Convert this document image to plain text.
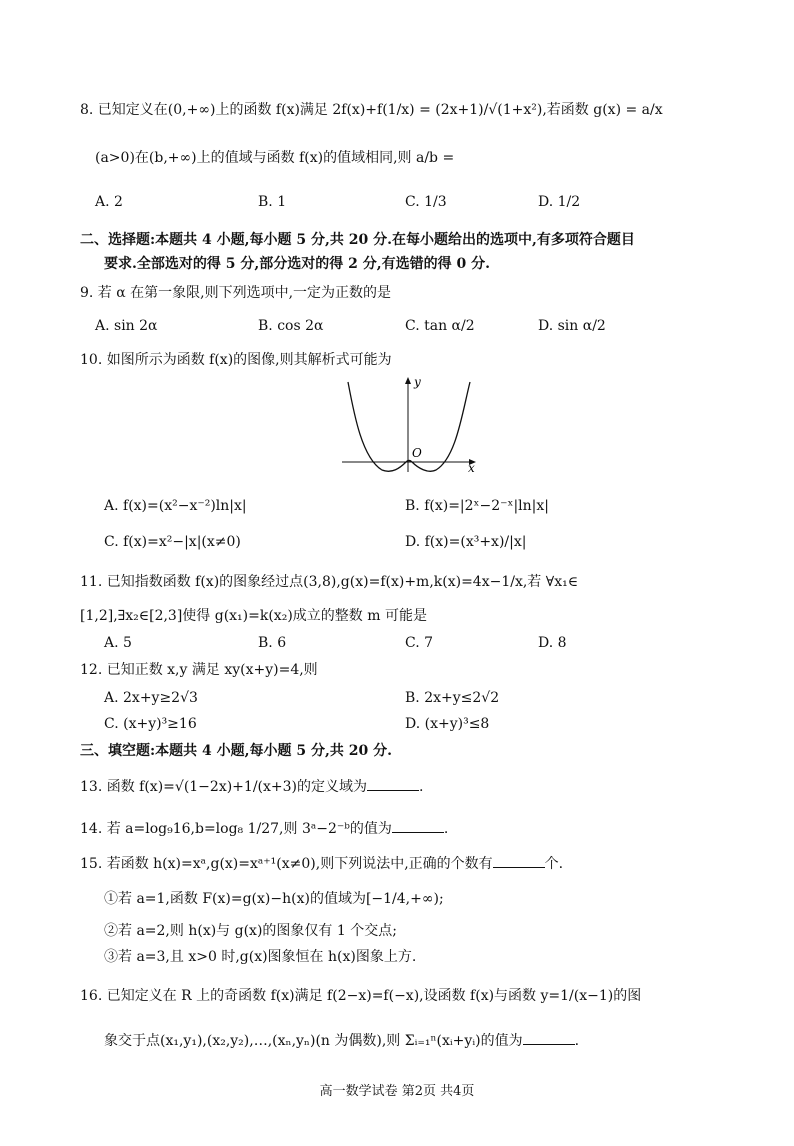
8. 已知定义在(0,+∞)上的函数 f(x)满足 2f(x)+f(1/x) = (2x+1)/√(1+x²),若函数 g(x) = a/x
(a>0)在(b,+∞)上的值域与函数 f(x)的值域相同,则 a/b =
A. 2	B. 1	C. 1/3	D. 1/2
二、选择题:本题共 4 小题,每小题 5 分,共 20 分.在每小题给出的选项中,有多项符合题目
要求.全部选对的得 5 分,部分选对的得 2 分,有选错的得 0 分.
9. 若 α 在第一象限,则下列选项中,一定为正数的是
A. sin 2α	B. cos 2α	C. tan α/2	D. sin α/2
10. 如图所示为函数 f(x)的图像,则其解析式可能为
y
x
O
A. f(x)=(x²−x⁻²)ln|x|	B. f(x)=|2ˣ−2⁻ˣ|ln|x|
C. f(x)=x²−|x|(x≠0)	D. f(x)=(x³+x)/|x|
11. 已知指数函数 f(x)的图象经过点(3,8),g(x)=f(x)+m,k(x)=4x−1/x,若 ∀x₁∈
[1,2],∃x₂∈[2,3]使得 g(x₁)=k(x₂)成立的整数 m 可能是
A. 5	B. 6	C. 7	D. 8
12. 已知正数 x,y 满足 xy(x+y)=4,则
A. 2x+y≥2√3	B. 2x+y≤2√2
C. (x+y)³≥16	D. (x+y)³≤8
三、填空题:本题共 4 小题,每小题 5 分,共 20 分.
13. 函数 f(x)=√(1−2x)+1/(x+3)的定义域为	.
14. 若 a=log₉16,b=log₈ 1/27,则 3ᵃ−2⁻ᵇ的值为	.
15. 若函数 h(x)=xᵃ,g(x)=xᵃ⁺¹(x≠0),则下列说法中,正确的个数有	个.
①若 a=1,函数 F(x)=g(x)−h(x)的值域为[−1/4,+∞);
②若 a=2,则 h(x)与 g(x)的图象仅有 1 个交点;
③若 a=3,且 x>0 时,g(x)图象恒在 h(x)图象上方.
16. 已知定义在 R 上的奇函数 f(x)满足 f(2−x)=f(−x),设函数 f(x)与函数 y=1/(x−1)的图
象交于点(x₁,y₁),(x₂,y₂),…,(xₙ,yₙ)(n 为偶数),则 Σᵢ₌₁ⁿ(xᵢ+yᵢ)的值为	.
高一数学试卷 第2页 共4页
